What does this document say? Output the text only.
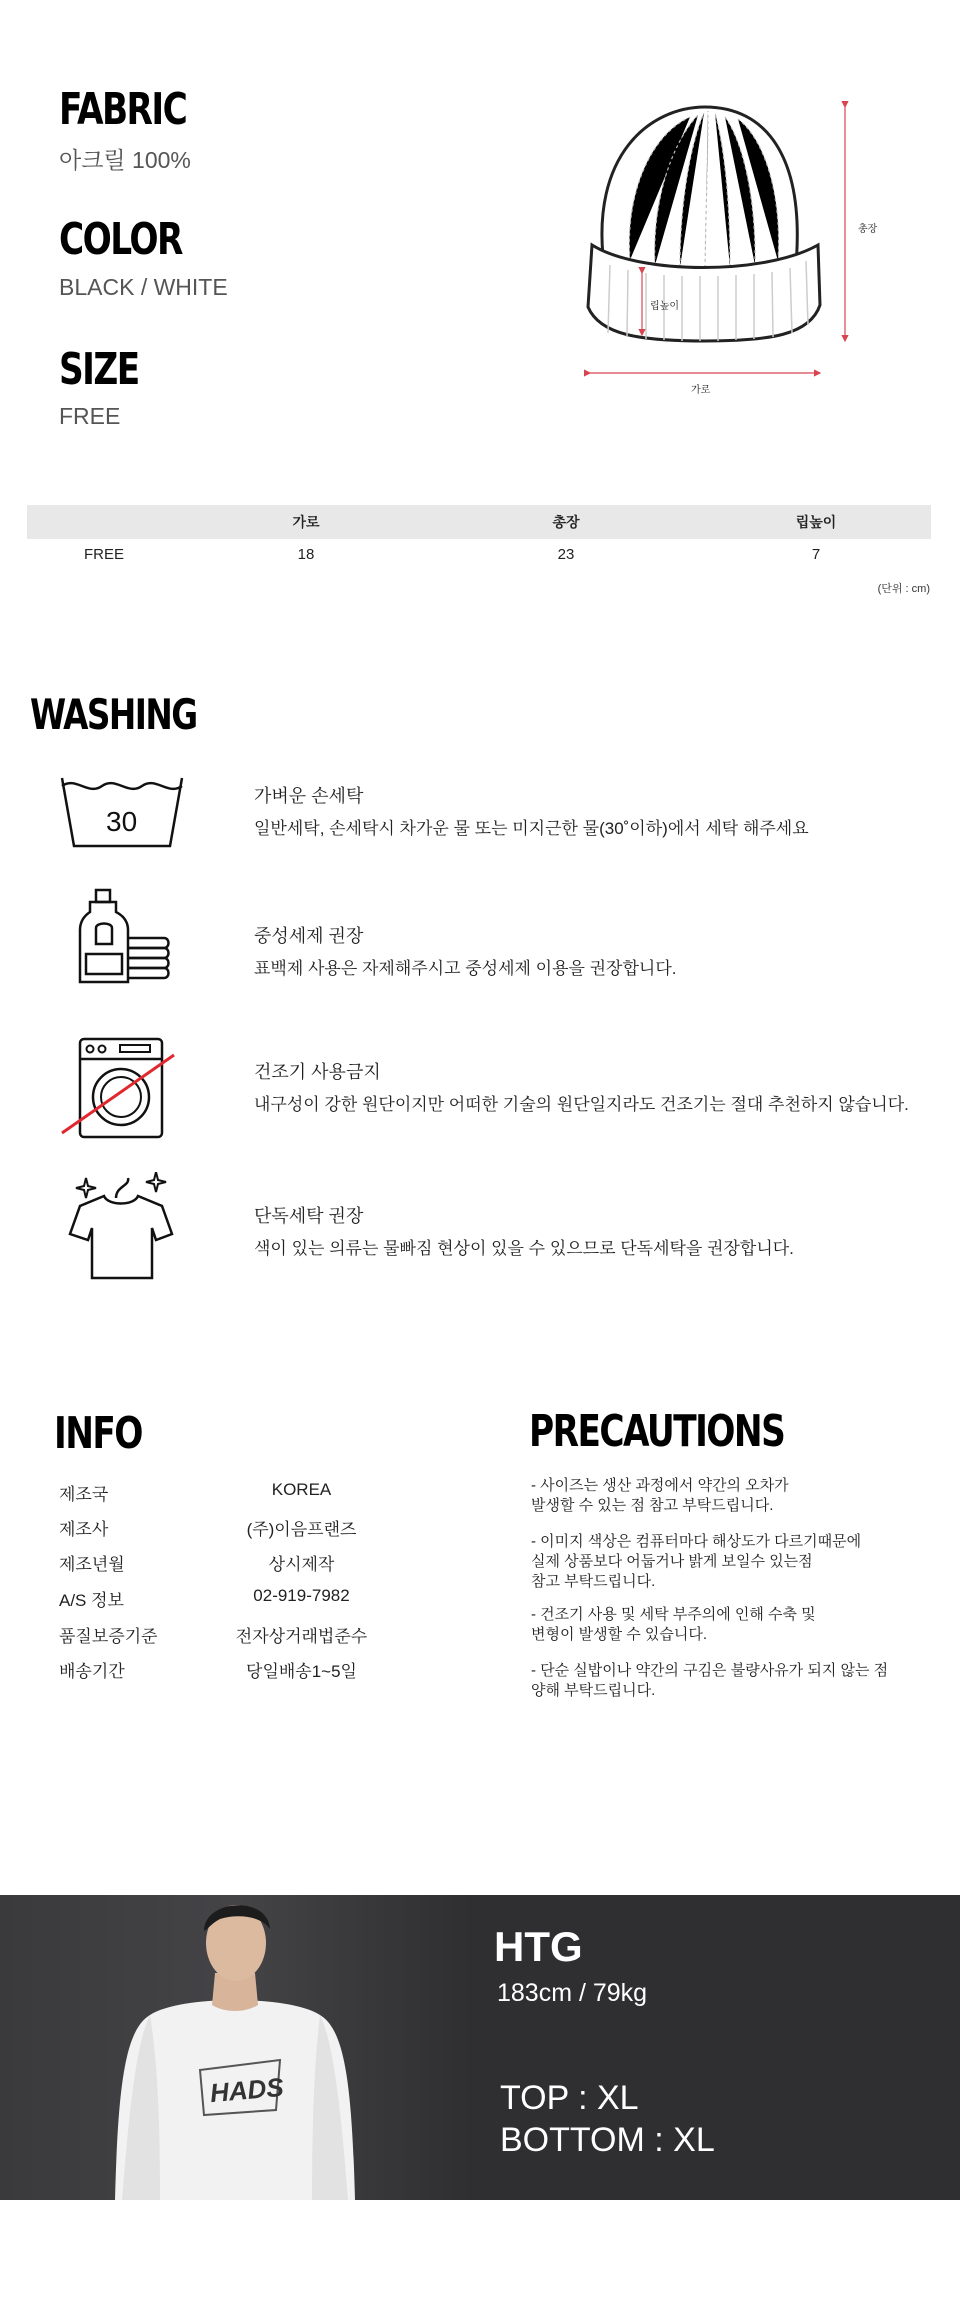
FABRIC
아크릴 100%
COLOR
BLACK / WHITE
SIZE
FREE
총장
립높이
가로
	가로	총장	립높이
FREE	18	23	7
(단위 : cm)
WASHING
30
가벼운 손세탁
일반세탁, 손세탁시 차가운 물 또는 미지근한 물(30˚이하)에서 세탁 해주세요
중성세제 권장
표백제 사용은 자제해주시고 중성세제 이용을 권장합니다.
건조기 사용금지
내구성이 강한 원단이지만 어떠한 기술의 원단일지라도 건조기는 절대 추천하지 않습니다.
단독세탁 권장
색이 있는 의류는 물빠짐 현상이 있을 수 있으므로 단독세탁을 권장합니다.
INFO
제조국	KOREA
제조사	(주)이음프랜즈
제조년월	상시제작
A/S 정보	02-919-7982
품질보증기준	전자상거래법준수
배송기간	당일배송1~5일
PRECAUTIONS
- 사이즈는 생산 과정에서 약간의 오차가
발생할 수 있는 점 참고 부탁드립니다.
- 이미지 색상은 컴퓨터마다 해상도가 다르기때문에
실제 상품보다 어둡거나 밝게 보일수 있는점
참고 부탁드립니다.
- 건조기 사용 및 세탁 부주의에 인해 수축 및
변형이 발생할 수 있습니다.
- 단순 실밥이나 약간의 구김은 불량사유가 되지 않는 점
양해 부탁드립니다.
HADS
HTG
183cm / 79kg
TOP : XL
BOTTOM : XL
